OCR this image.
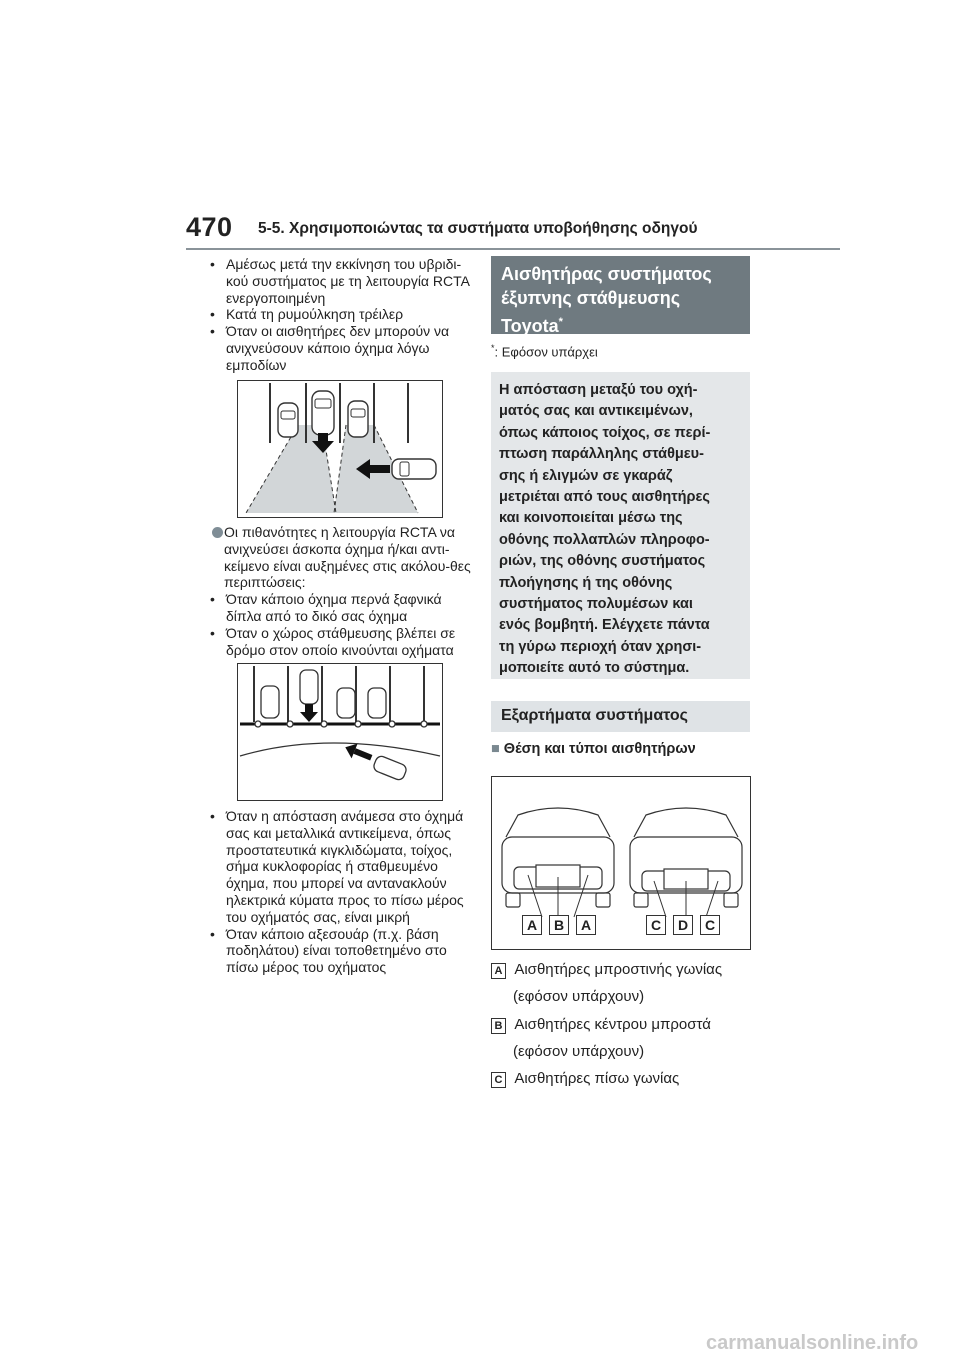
470 5-5. Χρησιμοποιώντας τα συστήματα υποβοήθησης οδηγού
• Αμέσως μετά την εκκίνηση του υβριδι-κού συστήματος με τη λειτουργία RCTA ενεργοποιημένη
• Κατά τη ρυμούλκηση τρέιλερ
• Όταν οι αισθητήρες δεν μπορούν να ανιχνεύσουν κάποιο όχημα λόγω εμποδίων
Οι πιθανότητες η λειτουργία RCTA να ανιχνεύσει άσκοπα όχημα ή/και αντι-κείμενο είναι αυξημένες στις ακόλου-θες περιπτώσεις:
• Όταν κάποιο όχημα περνά ξαφνικά δίπλα από το δικό σας όχημα
• Όταν ο χώρος στάθμευσης βλέπει σε δρόμο στον οποίο κινούνται οχήματα
• Όταν η απόσταση ανάμεσα στο όχημά σας και μεταλλικά αντικείμενα, όπως προστατευτικά κιγκλιδώματα, τοίχος, σήμα κυκλοφορίας ή σταθμευμένο όχημα, που μπορεί να αντανακλούν ηλεκτρικά κύματα προς το πίσω μέρος του οχήματός σας, είναι μικρή
• Όταν κάποιο αξεσουάρ (π.χ. βάση ποδηλάτου) είναι τοποθετημένο στο πίσω μέρος του οχήματος
Αισθητήρας συστήματος
έξυπνης στάθμευσης
Toyota*
*: Εφόσον υπάρχει
Η απόσταση μεταξύ του οχή-
ματός σας και αντικειμένων,
όπως κάποιος τοίχος, σε περί-
πτωση παράλληλης στάθμευ-
σης ή ελιγμών σε γκαράζ
μετριέται από τους αισθητήρες
και κοινοποιείται μέσω της
οθόνης πολλαπλών πληροφο-
ριών, της οθόνης συστήματος
πλοήγησης ή της οθόνης
συστήματος πολυμέσων και
ενός βομβητή. Ελέγχετε πάντα
τη γύρω περιοχή όταν χρησι-
μοποιείτε αυτό το σύστημα.
Εξαρτήματα συστήματος
■ Θέση και τύποι αισθητήρων
A	B	A	C	D	C
A Αισθητήρες μπροστινής γωνίας
(εφόσον υπάρχουν)
B Αισθητήρες κέντρου μπροστά
(εφόσον υπάρχουν)
C Αισθητήρες πίσω γωνίας
carmanualsonline.info
